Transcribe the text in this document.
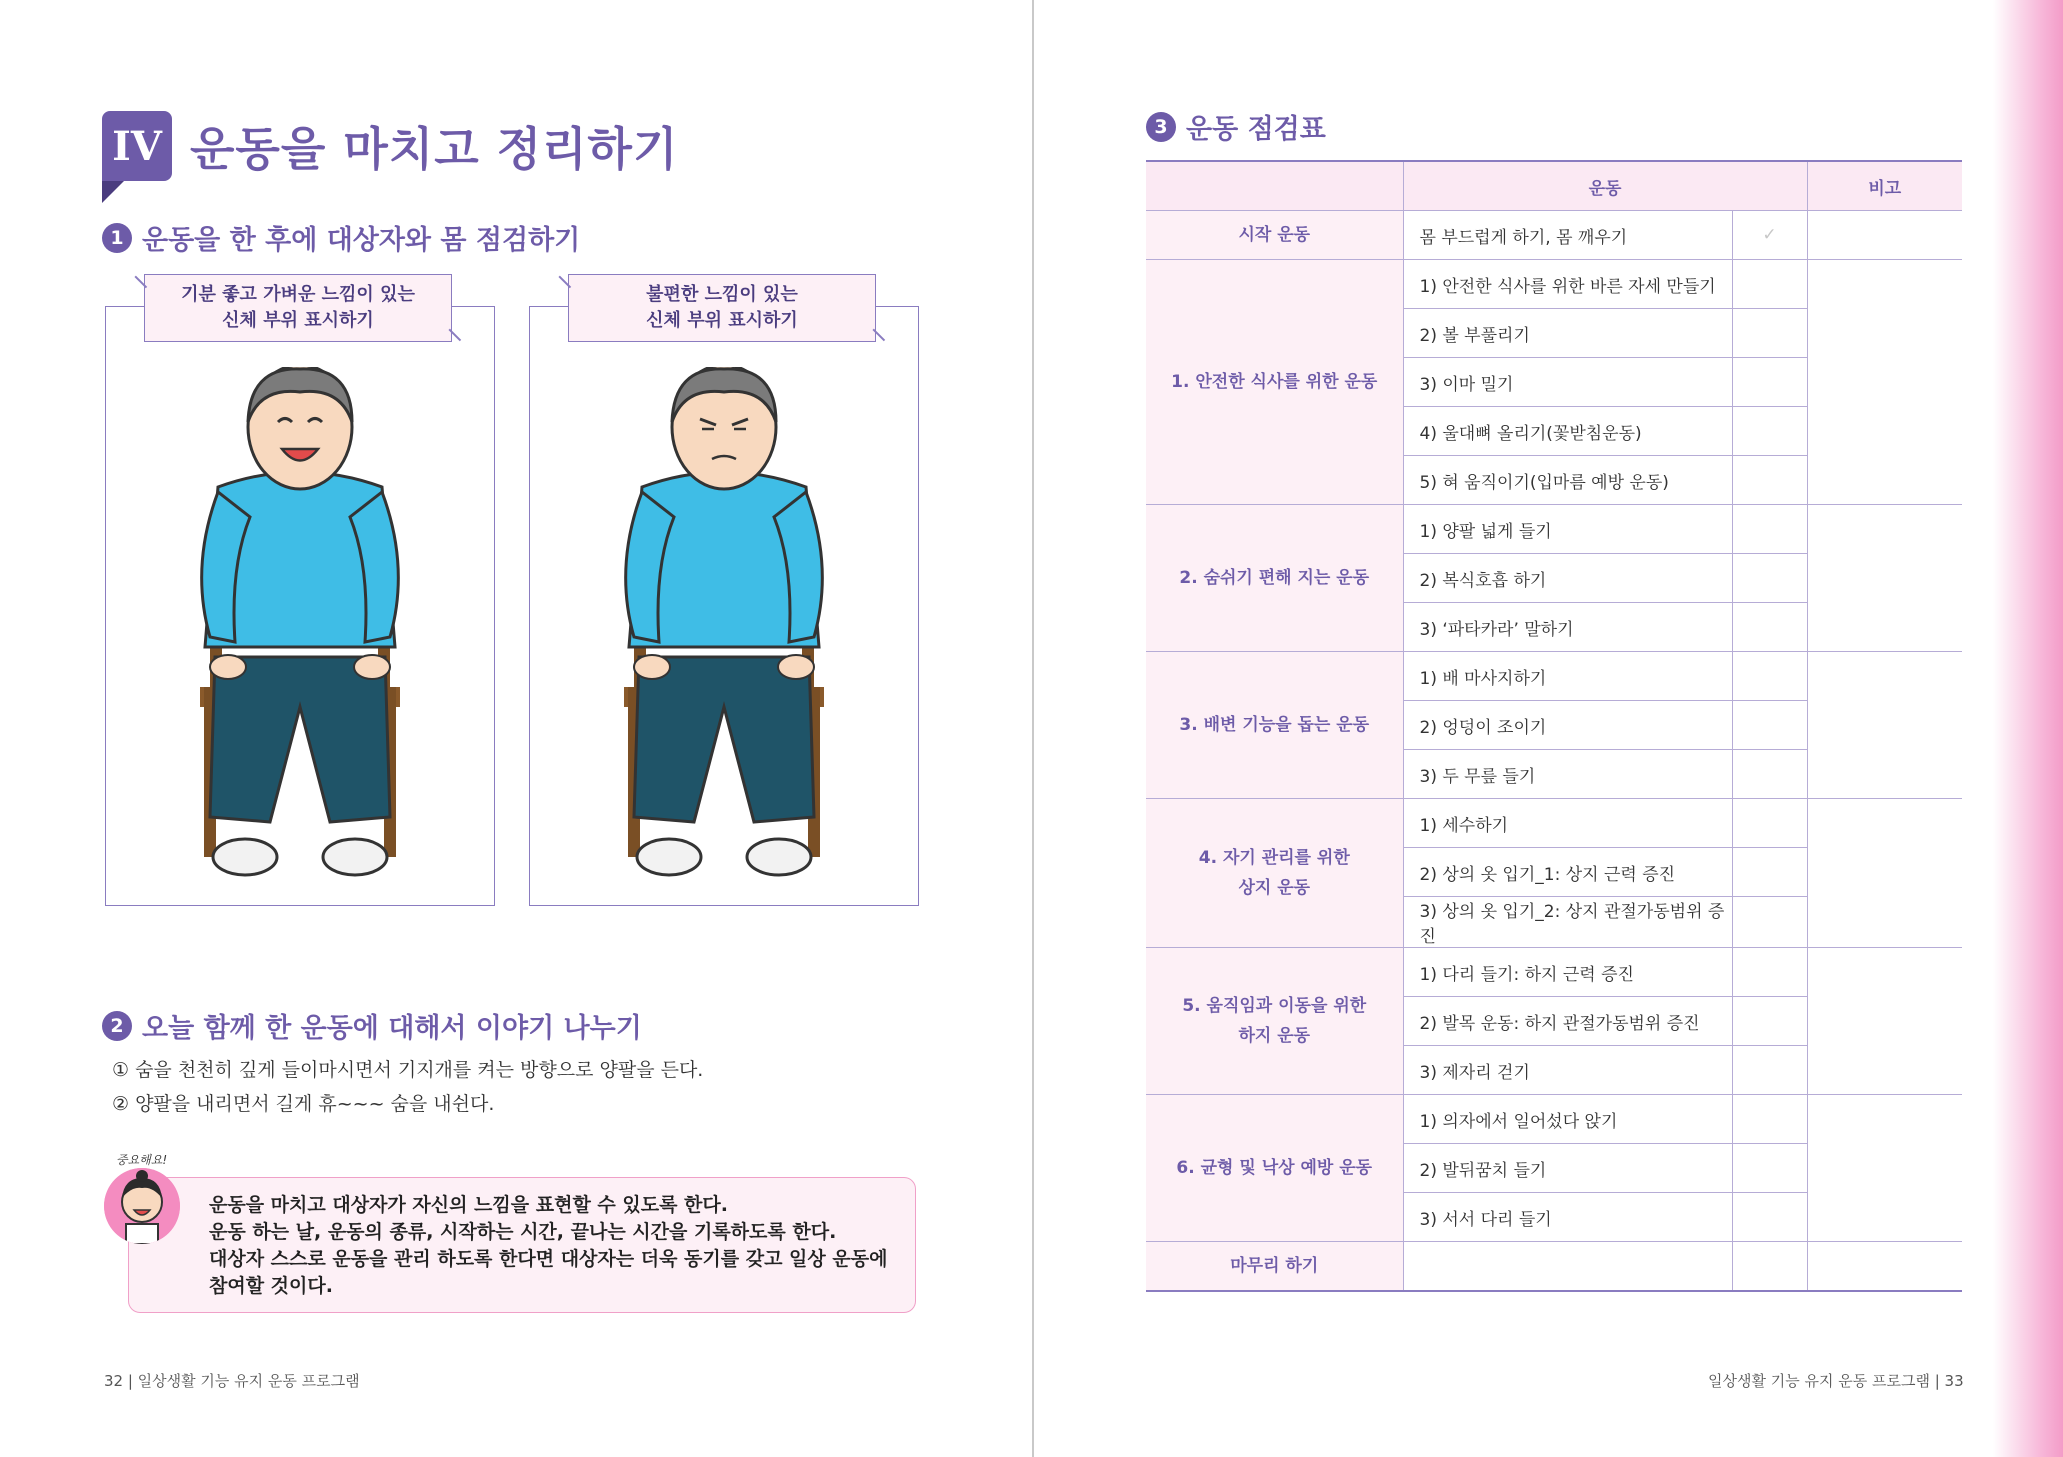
IV 운동을 마치고 정리하기
1 운동을 한 후에 대상자와 몸 점검하기
기분 좋고 가벼운 느낌이 있는
신체 부위 표시하기
불편한 느낌이 있는
신체 부위 표시하기
2 오늘 함께 한 운동에 대해서 이야기 나누기
① 숨을 천천히 깊게 들이마시면서 기지개를 켜는 방향으로 양팔을 든다.
② 양팔을 내리면서 길게 휴~~~ 숨을 내쉰다.
운동을 마치고 대상자가 자신의 느낌을 표현할 수 있도록 한다.
운동 하는 날, 운동의 종류, 시작하는 시간, 끝나는 시간을 기록하도록 한다.
대상자 스스로 운동을 관리 하도록 한다면 대상자는 더욱 동기를 갖고 일상 운동에
참여할 것이다.
중요해요!
32 | 일상생활 기능 유지 운동 프로그램
3 운동 점검표
	운동		비고
시작 운동	몸 부드럽게 하기, 몸 깨우기	✓	
1. 안전한 식사를 위한 운동	1) 안전한 식사를 위한 바른 자세 만들기		
	2) 볼 부풀리기		
	3) 이마 밀기		
	4) 울대뼈 올리기(꽃받침운동)		
	5) 혀 움직이기(입마름 예방 운동)		
2. 숨쉬기 편해 지는 운동	1) 양팔 넓게 들기		
	2) 복식호흡 하기		
	3) ‘파타카라’ 말하기		
3. 배변 기능을 돕는 운동	1) 배 마사지하기		
	2) 엉덩이 조이기		
	3) 두 무릎 들기		
4. 자기 관리를 위한
상지 운동	1) 세수하기		
	2) 상의 옷 입기_1: 상지 근력 증진		
	3) 상의 옷 입기_2: 상지 관절가동범위 증진		
5. 움직임과 이동을 위한
하지 운동	1) 다리 들기: 하지 근력 증진		
	2) 발목 운동: 하지 관절가동범위 증진		
	3) 제자리 걷기		
6. 균형 및 낙상 예방 운동	1) 의자에서 일어섰다 앉기		
	2) 발뒤꿈치 들기		
	3) 서서 다리 들기		
마무리 하기			
일상생활 기능 유지 운동 프로그램 | 33
